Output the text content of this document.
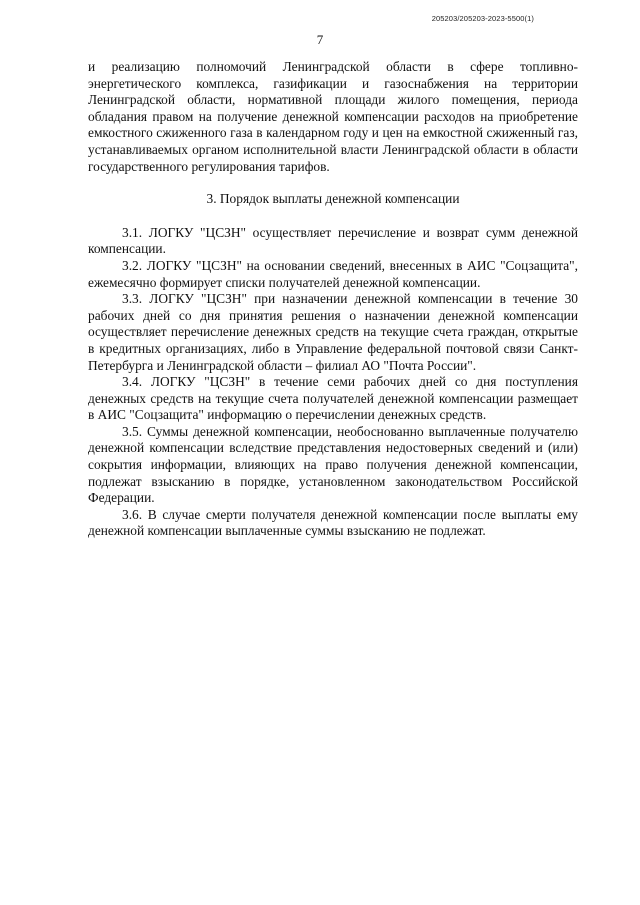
205203/205203-2023-5500(1)
7

и реализацию полномочий Ленинградской области в сфере топливно-энергетического комплекса, газификации и газоснабжения на территории Ленинградской области, нормативной площади жилого помещения, периода обладания правом на получение денежной компенсации расходов на приобретение емкостного сжиженного газа в календарном году и цен на емкостной сжиженный газ, устанавливаемых органом исполнительной власти Ленинградской области в области государственного регулирования тарифов.

3. Порядок выплаты денежной компенсации

3.1. ЛОГКУ "ЦСЗН" осуществляет перечисление и возврат сумм денежной компенсации.

3.2. ЛОГКУ "ЦСЗН" на основании сведений, внесенных в АИС "Соцзащита", ежемесячно формирует списки получателей денежной компенсации.

3.3. ЛОГКУ "ЦСЗН" при назначении денежной компенсации в течение 30 рабочих дней со дня принятия решения о назначении денежной компенсации осуществляет перечисление денежных средств на текущие счета граждан, открытые в кредитных организациях, либо в Управление федеральной почтовой связи Санкт-Петербурга и Ленинградской области – филиал АО "Почта России".

3.4. ЛОГКУ "ЦСЗН" в течение семи рабочих дней со дня поступления денежных средств на текущие счета получателей денежной компенсации размещает в АИС "Соцзащита" информацию о перечислении денежных средств.

3.5. Суммы денежной компенсации, необоснованно выплаченные получателю денежной компенсации вследствие представления недостоверных сведений и (или) сокрытия информации, влияющих на право получения денежной компенсации, подлежат взысканию в порядке, установленном законодательством Российской Федерации.

3.6. В случае смерти получателя денежной компенсации после выплаты ему денежной компенсации выплаченные суммы взысканию не подлежат.
